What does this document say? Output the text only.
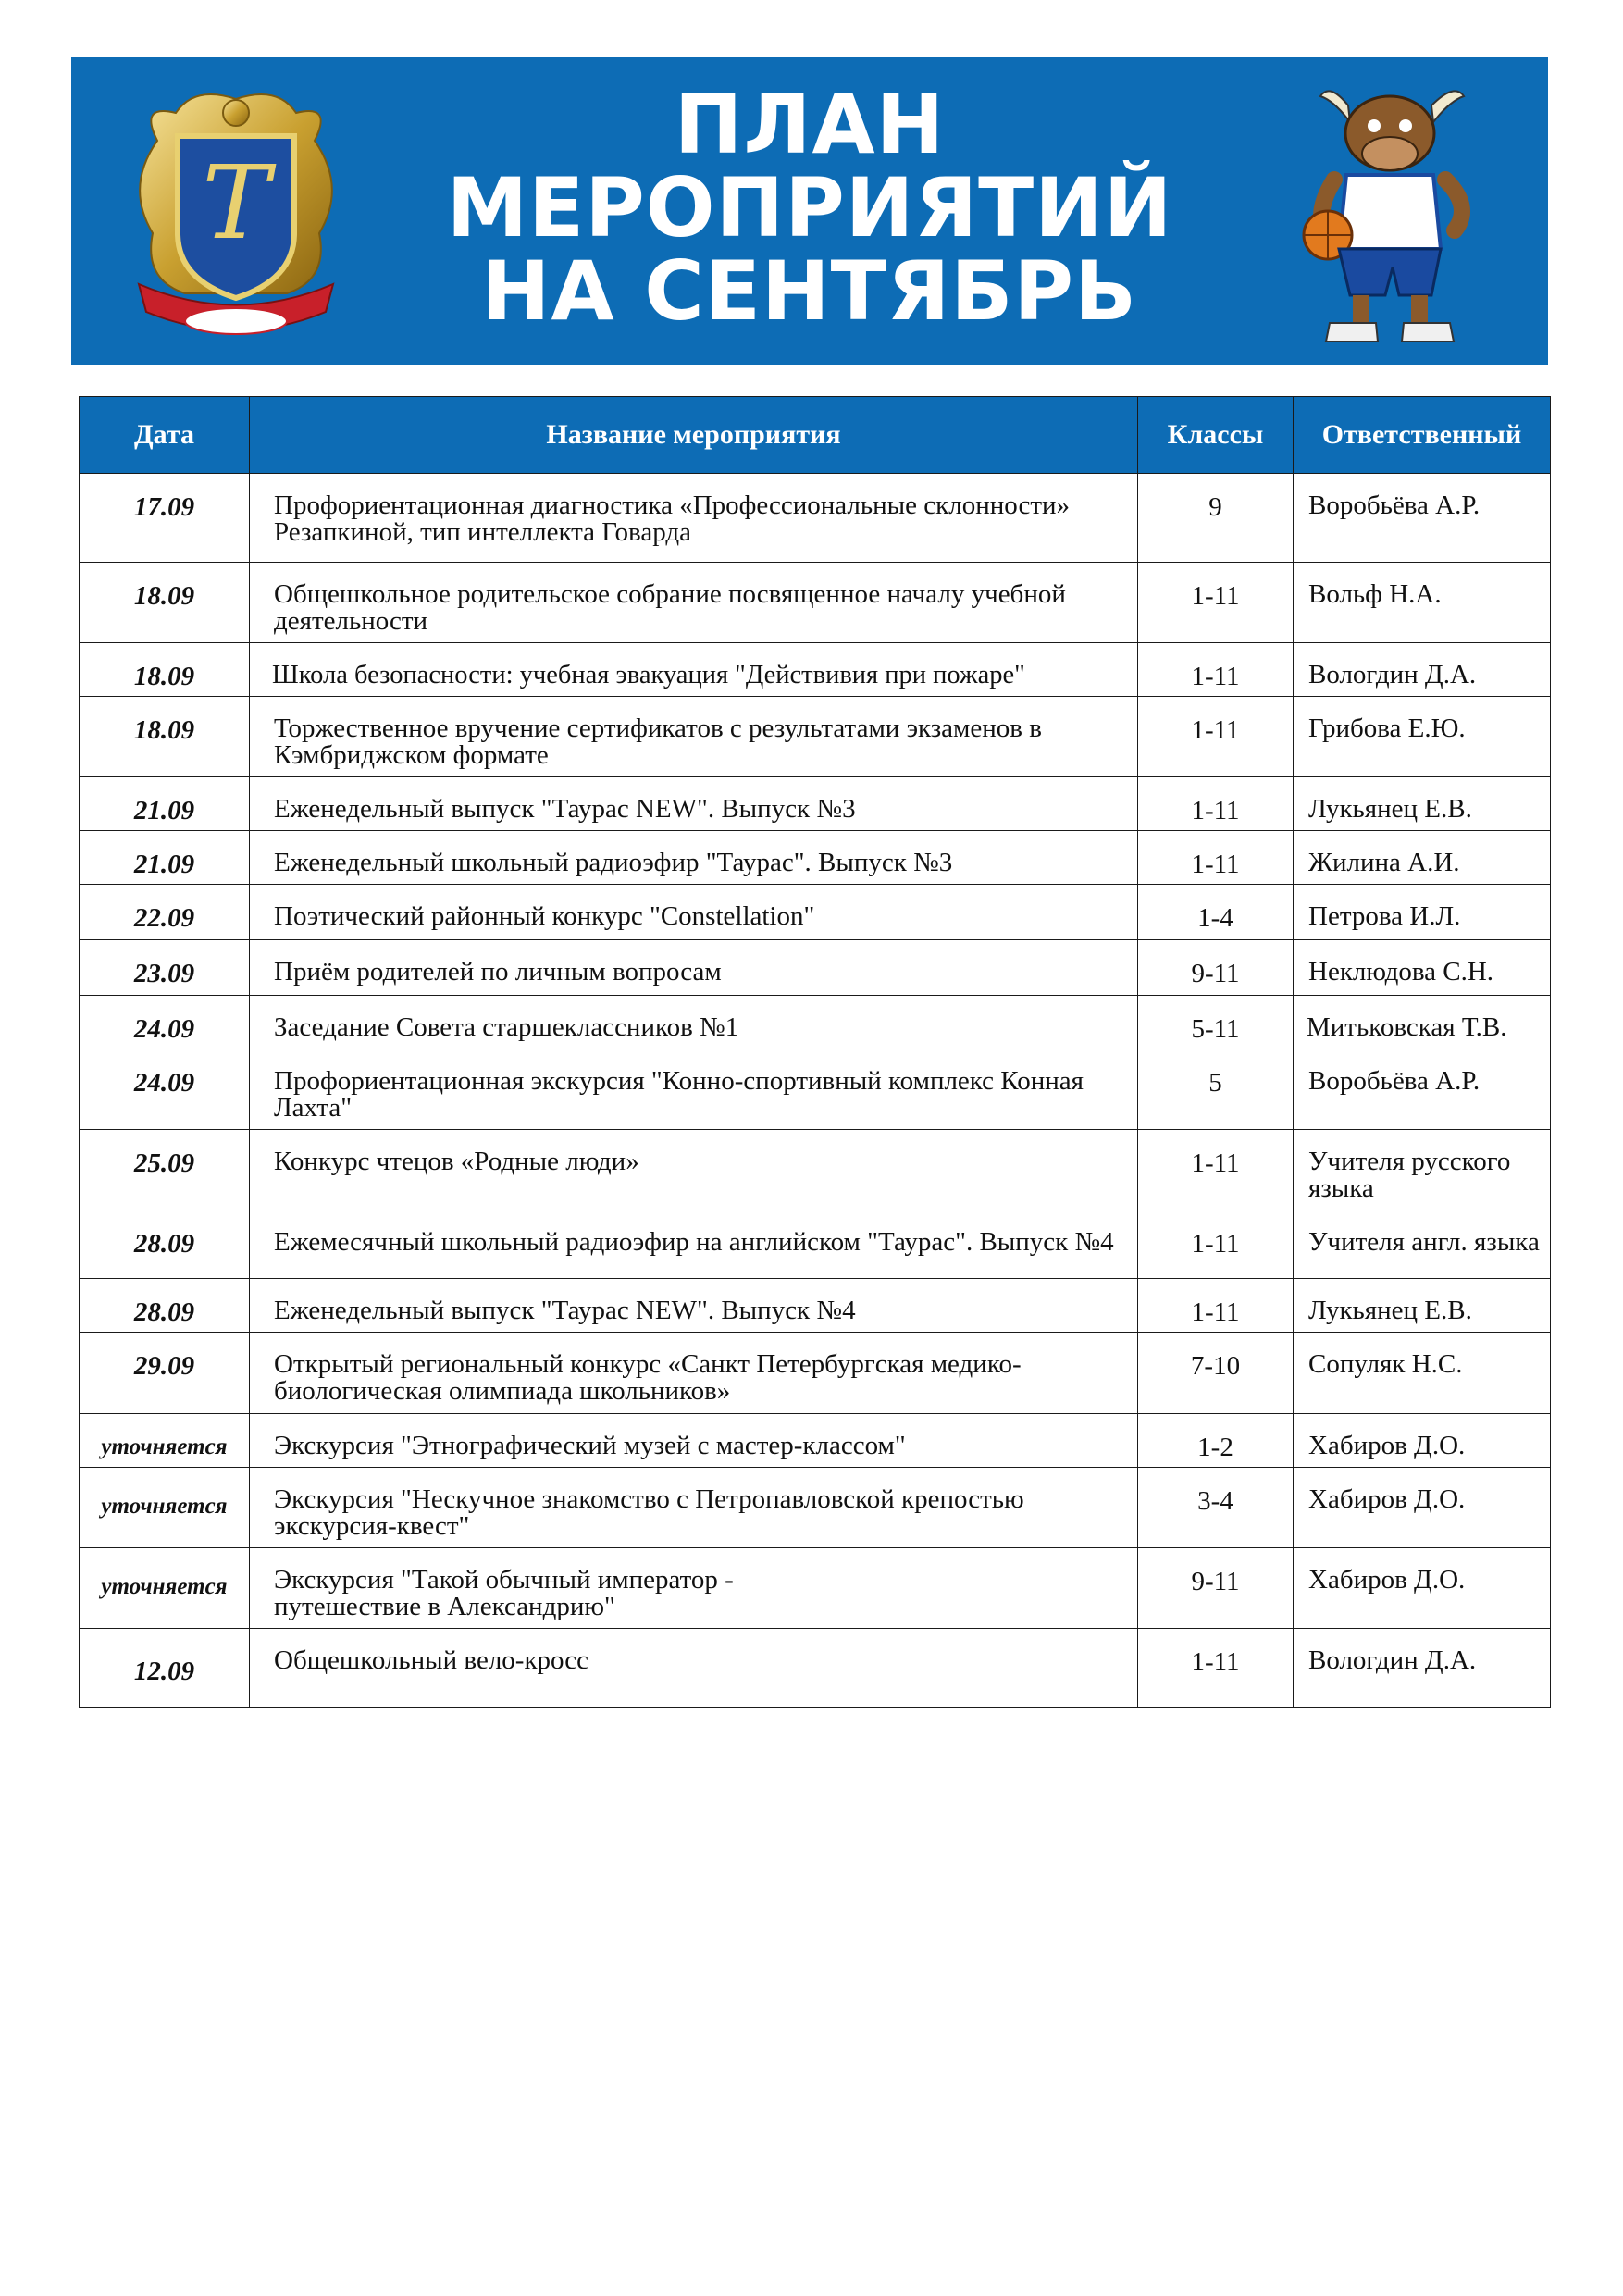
T
ПЛАН
МЕРОПРИЯТИЙ
НА СЕНТЯБРЬ
Дата	Название мероприятия	Классы	Ответственный
17.09	Профориентационная диагностика «Профессиональные склонности» Резапкиной, тип интеллекта Говарда	9	Воробьёва А.Р.
18.09	Общешкольное родительское собрание посвященное началу учебной деятельности	1-11	Вольф Н.А.
18.09	Школа безопасности: учебная эвакуация "Действивия при пожаре"	1-11	Вологдин Д.А.
18.09	Торжественное вручение сертификатов с результатами экзаменов в Кэмбриджском формате	1-11	Грибова Е.Ю.
21.09	Еженедельный выпуск "Таурас NEW". Выпуск №3	1-11	Лукьянец Е.В.
21.09	Еженедельный школьный радиоэфир "Таурас". Выпуск №3	1-11	Жилина А.И.
22.09	Поэтический районный конкурс "Constellation"	1-4	Петрова И.Л.
23.09	Приём родителей по личным вопросам	9-11	Неклюдова С.Н.
24.09	Заседание Совета старшеклассников №1	5-11	Митьковская Т.В.
24.09	Профориентационная экскурсия "Конно-спортивный комплекс Конная Лахта"	5	Воробьёва А.Р.
25.09	Конкурс чтецов «Родные люди»	1-11	Учителя русского языка
28.09	Ежемесячный школьный радиоэфир на английском "Таурас". Выпуск №4	1-11	Учителя англ. языка
28.09	Еженедельный выпуск "Таурас NEW". Выпуск №4	1-11	Лукьянец Е.В.
29.09	Открытый региональный конкурс «Санкт Петербургская медико-биологическая олимпиада школьников»	7-10	Сопуляк Н.С.
уточняется	Экскурсия "Этнографический музей с мастер-классом"	1-2	Хабиров Д.О.
уточняется	Экскурсия "Нескучное знакомство с Петропавловской крепостью экскурсия-квест"	3-4	Хабиров Д.О.
уточняется	Экскурсия "Такой обычный император - путешествие в Александрию"	9-11	Хабиров Д.О.
12.09	Общешкольный вело-кросс	1-11	Вологдин Д.А.
